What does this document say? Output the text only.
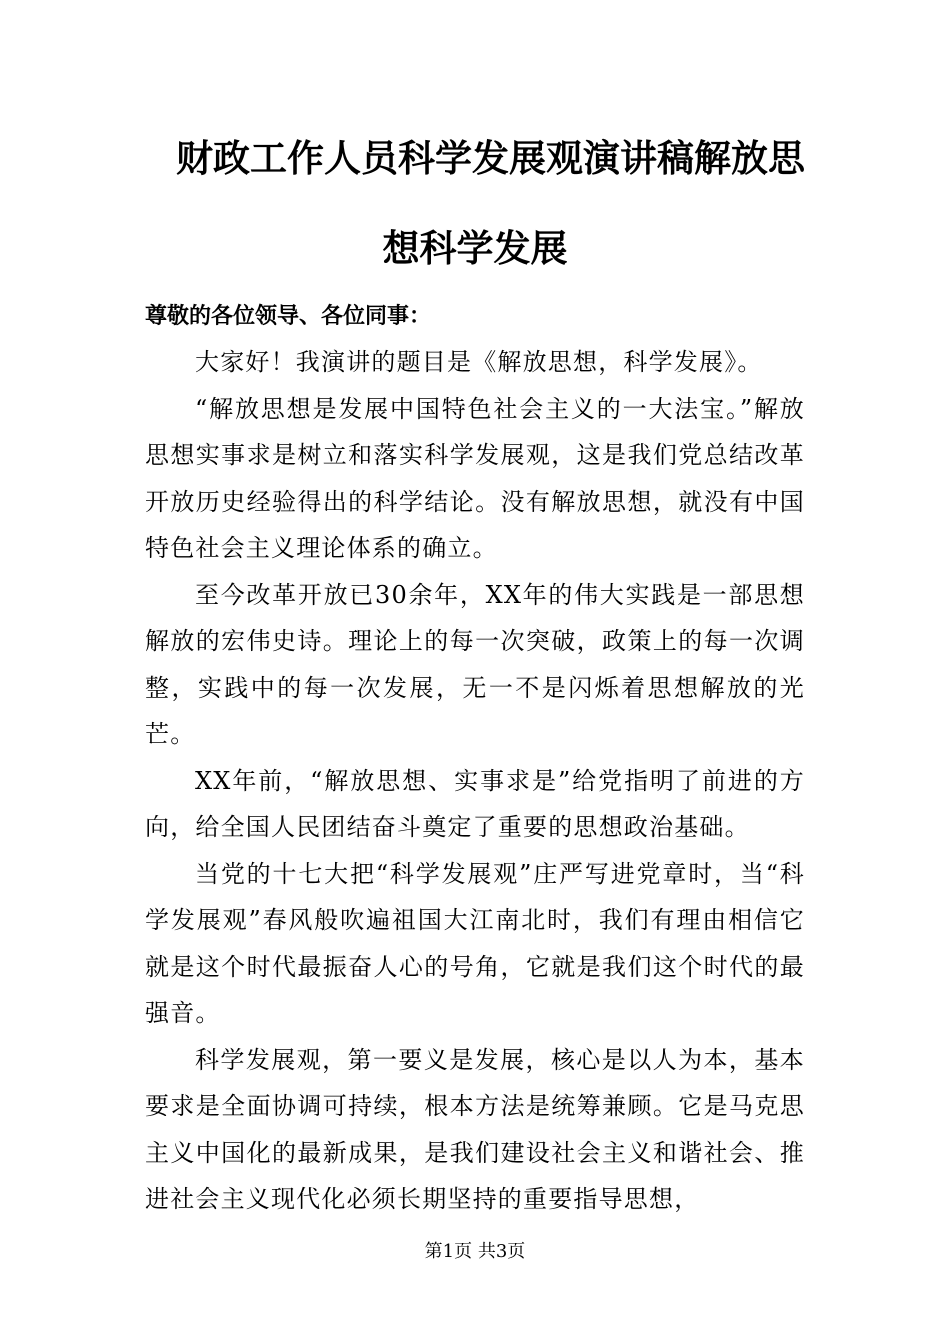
财政工作人员科学发展观演讲稿解放思
想科学发展

尊敬的各位领导、各位同事：

大家好！我演讲的题目是《解放思想，科学发展》。

“解放思想是发展中国特色社会主义的一大法宝。”解放思想实事求是树立和落实科学发展观，这是我们党总结改革开放历史经验得出的科学结论。没有解放思想，就没有中国特色社会主义理论体系的确立。

至今改革开放已30余年，XX年的伟大实践是一部思想解放的宏伟史诗。理论上的每一次突破，政策上的每一次调整，实践中的每一次发展，无一不是闪烁着思想解放的光芒。

XX年前，“解放思想、实事求是”给党指明了前进的方向，给全国人民团结奋斗奠定了重要的思想政治基础。

当党的十七大把“科学发展观”庄严写进党章时，当“科学发展观”春风般吹遍祖国大江南北时，我们有理由相信它就是这个时代最振奋人心的号角，它就是我们这个时代的最强音。

科学发展观，第一要义是发展，核心是以人为本，基本要求是全面协调可持续，根本方法是统筹兼顾。它是马克思主义中国化的最新成果，是我们建设社会主义和谐社会、推进社会主义现代化必须长期坚持的重要指导思想，

第1页 共3页
